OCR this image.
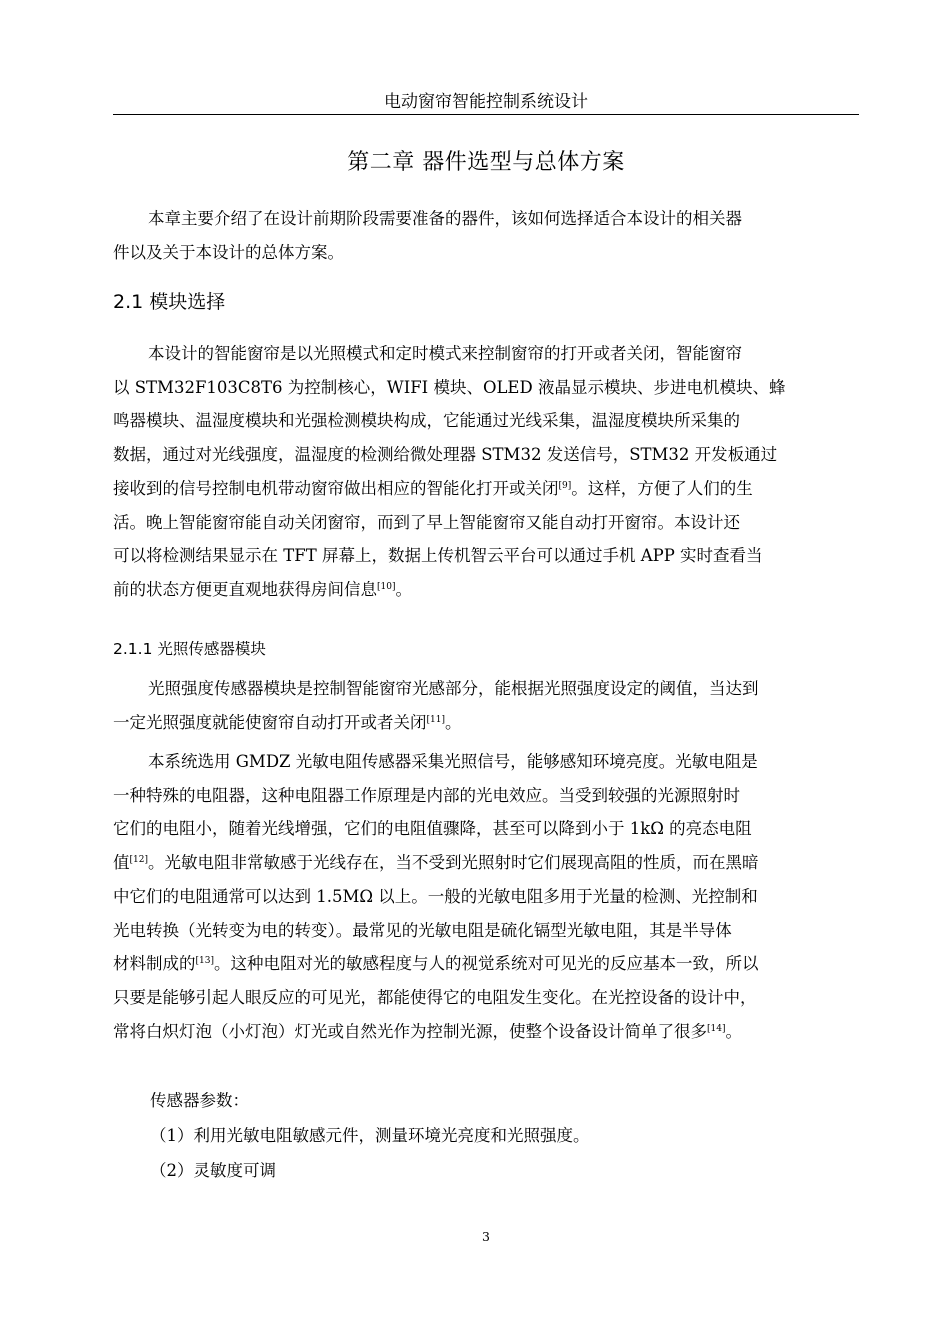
电动窗帘智能控制系统设计
第二章 器件选型与总体方案
本章主要介绍了在设计前期阶段需要准备的器件，该如何选择适合本设计的相关器
件以及关于本设计的总体方案。
2.1 模块选择
本设计的智能窗帘是以光照模式和定时模式来控制窗帘的打开或者关闭，智能窗帘
以 STM32F103C8T6 为控制核心，WIFI 模块、OLED 液晶显示模块、步进电机模块、蜂
鸣器模块、温湿度模块和光强检测模块构成，它能通过光线采集，温湿度模块所采集的
数据，通过对光线强度，温湿度的检测给微处理器 STM32 发送信号，STM32 开发板通过
接收到的信号控制电机带动窗帘做出相应的智能化打开或关闭[9]。这样，方便了人们的生
活。晚上智能窗帘能自动关闭窗帘，而到了早上智能窗帘又能自动打开窗帘。本设计还
可以将检测结果显示在 TFT 屏幕上，数据上传机智云平台可以通过手机 APP 实时查看当
前的状态方便更直观地获得房间信息[10]。
2.1.1 光照传感器模块
光照强度传感器模块是控制智能窗帘光感部分，能根据光照强度设定的阈值，当达到
一定光照强度就能使窗帘自动打开或者关闭[11]。
本系统选用 GMDZ 光敏电阻传感器采集光照信号，能够感知环境亮度。光敏电阻是
一种特殊的电阻器，这种电阻器工作原理是内部的光电效应。当受到较强的光源照射时
它们的电阻小，随着光线增强，它们的电阻值骤降，甚至可以降到小于 1kΩ 的亮态电阻
值[12]。光敏电阻非常敏感于光线存在，当不受到光照射时它们展现高阻的性质，而在黑暗
中它们的电阻通常可以达到 1.5MΩ 以上。一般的光敏电阻多用于光量的检测、光控制和
光电转换（光转变为电的转变）。最常见的光敏电阻是硫化镉型光敏电阻，其是半导体
材料制成的[13]。这种电阻对光的敏感程度与人的视觉系统对可见光的反应基本一致，所以
只要是能够引起人眼反应的可见光，都能使得它的电阻发生变化。在光控设备的设计中，
常将白炽灯泡（小灯泡）灯光或自然光作为控制光源，使整个设备设计简单了很多[14]。

传感器参数：

（1）利用光敏电阻敏感元件，测量环境光亮度和光照强度。

（2）灵敏度可调

3
